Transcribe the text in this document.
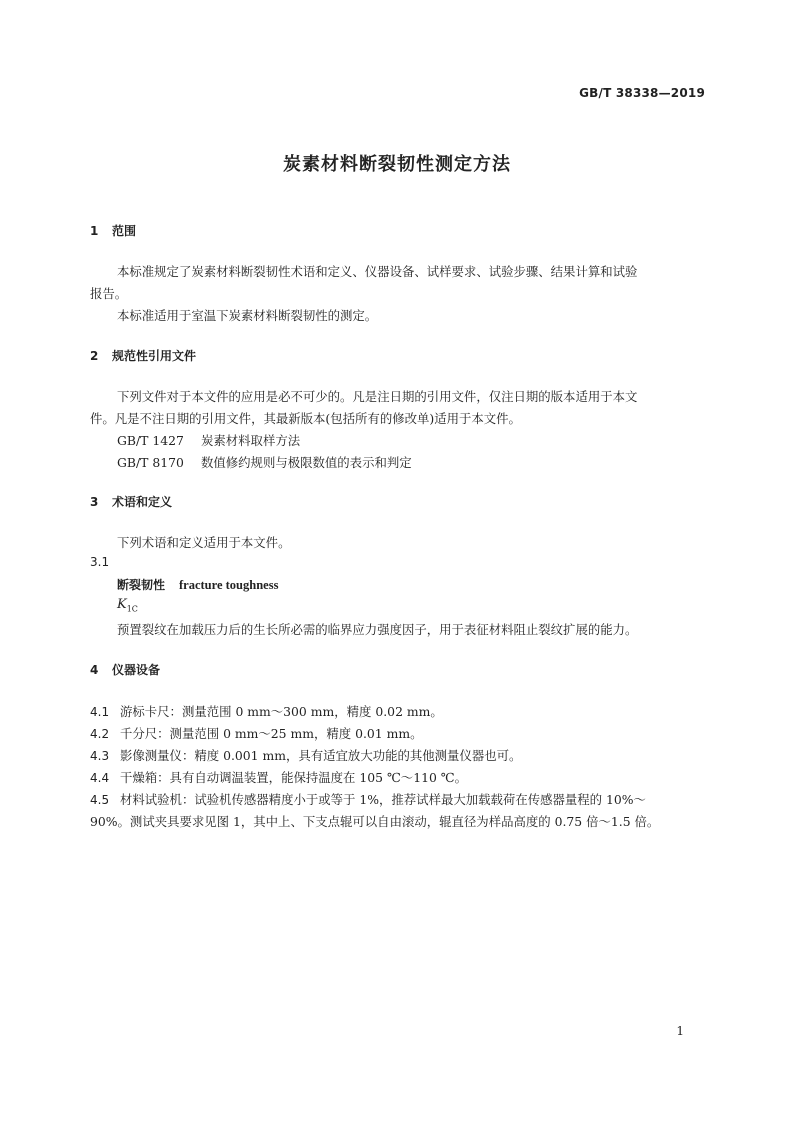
GB/T 38338—2019
炭素材料断裂韧性测定方法
1 范围
本标准规定了炭素材料断裂韧性术语和定义、仪器设备、试样要求、试验步骤、结果计算和试验
报告。
本标准适用于室温下炭素材料断裂韧性的测定。
2 规范性引用文件
下列文件对于本文件的应用是必不可少的。凡是注日期的引用文件，仅注日期的版本适用于本文
件。凡是不注日期的引用文件，其最新版本(包括所有的修改单)适用于本文件。
GB/T 1427 炭素材料取样方法
GB/T 8170 数值修约规则与极限数值的表示和判定
3 术语和定义
下列术语和定义适用于本文件。
3.1
断裂韧性 fracture toughness
$K_{1C}$
预置裂纹在加载压力后的生长所必需的临界应力强度因子，用于表征材料阻止裂纹扩展的能力。
4 仪器设备
4.1 游标卡尺：测量范围 0 mm～300 mm，精度 0.02 mm。
4.2 千分尺：测量范围 0 mm～25 mm，精度 0.01 mm。
4.3 影像测量仪：精度 0.001 mm，具有适宜放大功能的其他测量仪器也可。
4.4 干燥箱：具有自动调温装置，能保持温度在 105 ℃～110 ℃。
4.5 材料试验机：试验机传感器精度小于或等于 1%，推荐试样最大加载载荷在传感器量程的 10%～
90%。测试夹具要求见图 1，其中上、下支点辊可以自由滚动，辊直径为样品高度的 0.75 倍～1.5 倍。
1
